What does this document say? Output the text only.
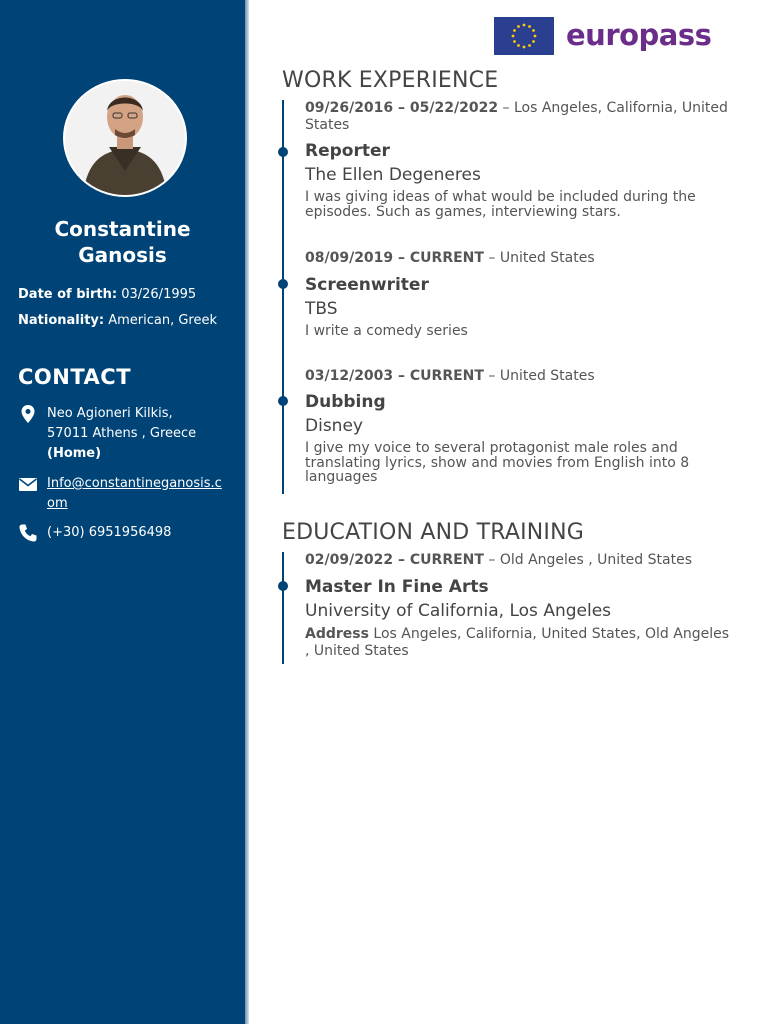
Constantine
Ganosis
Date of birth: 03/26/1995
Nationality: American, Greek
CONTACT
Neo Agioneri Kilkis,
57011 Athens , Greece
(Home)
Info@constantineganosis.com
(+30) 6951956498
europass
WORK EXPERIENCE
09/26/2016 – 05/22/2022 – Los Angeles, California, United States
Reporter
The Ellen Degeneres
I was giving ideas of what would be included during the episodes. Such as games, interviewing stars.
08/09/2019 – CURRENT – United States
Screenwriter
TBS
I write a comedy series
03/12/2003 – CURRENT – United States
Dubbing
Disney
I give my voice to several protagonist male roles and translating lyrics, show and movies from English into 8 languages
EDUCATION AND TRAINING
02/09/2022 – CURRENT – Old Angeles , United States
Master In Fine Arts
University of California, Los Angeles
Address Los Angeles, California, United States, Old Angeles , United States
